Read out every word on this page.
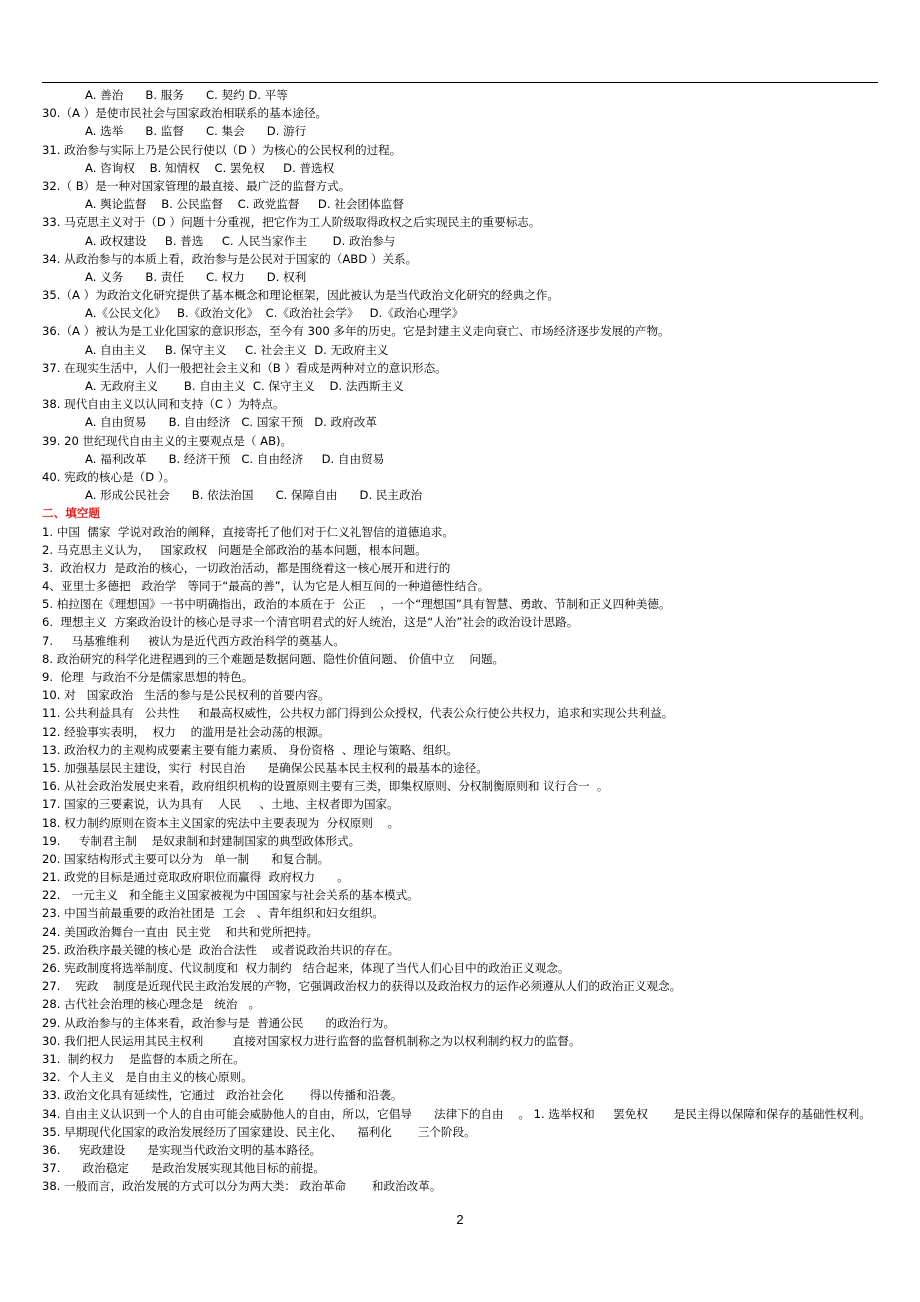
A. 善治      B. 服务      C. 契约 D. 平等
30.（A ）是使市民社会与国家政治相联系的基本途径。
A. 选举      B. 监督      C. 集会      D. 游行
31. 政治参与实际上乃是公民行使以（D ）为核心的公民权利的过程。
A. 咨询权    B. 知情权    C. 罢免权     D. 普选权
32.（ B）是一种对国家管理的最直接、最广泛的监督方式。
A. 舆论监督    B. 公民监督    C. 政党监督     D. 社会团体监督
33. 马克思主义对于（D ）问题十分重视，把它作为工人阶级取得政权之后实现民主的重要标志。
A. 政权建设     B. 普选     C. 人民当家作主       D. 政治参与
34. 从政治参与的本质上看，政治参与是公民对于国家的（ABD ）关系。
A. 义务      B. 责任      C. 权力      D. 权利
35.（A ）为政治文化研究提供了基本概念和理论框架，因此被认为是当代政治文化研究的经典之作。
A.《公民文化》   B.《政治文化》  C.《政治社会学》   D.《政治心理学》
36.（A ）被认为是工业化国家的意识形态，至今有 300 多年的历史。它是封建主义走向衰亡、市场经济逐步发展的产物。
A. 自由主义     B. 保守主义     C. 社会主义  D. 无政府主义
37. 在现实生活中，人们一般把社会主义和（B ）看成是两种对立的意识形态。
A. 无政府主义       B. 自由主义  C. 保守主义    D. 法西斯主义
38. 现代自由主义以认同和支持（C ）为特点。
A. 自由贸易      B. 自由经济   C. 国家干预   D. 政府改革
39. 20 世纪现代自由主义的主要观点是（ AB)。
A. 福利改革      B. 经济干预   C. 自由经济     D. 自由贸易
40. 宪政的核心是（D ）。
A. 形成公民社会      B. 依法治国      C. 保障自由      D. 民主政治
二、填空题
1. 中国  儒家  学说对政治的阐释，直接寄托了他们对于仁义礼智信的道德追求。
2. 马克思主义认为，   国家政权   问题是全部政治的基本问题，根本问题。
3.  政治权力  是政治的核心，一切政治活动，都是围绕着这一核心展开和进行的
4、亚里士多德把   政治学   等同于“最高的善”，认为它是人相互间的一种道德性结合。
5. 柏拉图在《理想国》一书中明确指出，政治的本质在于  公正    ，一个“理想国”具有智慧、勇敢、节制和正义四种美德。
6.  理想主义  方案政治设计的核心是寻求一个清官明君式的好人统治，这是“人治”社会的政治设计思路。
7.     马基雅维利     被认为是近代西方政治科学的奠基人。
8. 政治研究的科学化进程遇到的三个难题是数据问题、隐性价值问题、 价值中立    问题。
9.  伦理  与政治不分是儒家思想的特色。
10. 对   国家政治   生活的参与是公民权利的首要内容。
11. 公共利益具有   公共性     和最高权威性，公共权力部门得到公众授权，代表公众行使公共权力，追求和实现公共利益。
12. 经验事实表明，  权力    的滥用是社会动荡的根源。
13. 政治权力的主观构成要素主要有能力素质、 身份资格  、理论与策略、组织。
15. 加强基层民主建设，实行  村民自治      是确保公民基本民主权利的最基本的途径。
16. 从社会政治发展史来看，政府组织机构的设置原则主要有三类，即集权原则、分权制衡原则和 议行合一  。
17. 国家的三要素说，认为具有    人民     、土地、主权者即为国家。
18. 权力制约原则在资本主义国家的宪法中主要表现为  分权原则    。
19.     专制君主制    是奴隶制和封建制国家的典型政体形式。
20. 国家结构形式主要可以分为   单一制      和复合制。
21. 政党的目标是通过竞取政府职位而赢得  政府权力      。
22.   一元主义   和全能主义国家被视为中国国家与社会关系的基本模式。
23. 中国当前最重要的政治社团是  工会   、青年组织和妇女组织。
24. 美国政治舞台一直由  民主党    和共和党所把持。
25. 政治秩序最关键的核心是  政治合法性    或者说政治共识的存在。
26. 宪政制度将选举制度、代议制度和  权力制约   结合起来，体现了当代人们心目中的政治正义观念。
27.    宪政    制度是近现代民主政治发展的产物，它强调政治权力的获得以及政治权力的运作必须遵从人们的政治正义观念。
28. 古代社会治理的核心理念是   统治   。
29. 从政治参与的主体来看，政治参与是  普通公民      的政治行为。
30. 我们把人民运用其民主权利        直接对国家权力进行监督的监督机制称之为以权利制约权力的监督。
31.  制约权力    是监督的本质之所在。
32.  个人主义   是自由主义的核心原则。
33. 政治文化具有延续性，它通过   政治社会化       得以传播和沿袭。
34. 自由主义认识到一个人的自由可能会威胁他人的自由，所以，它倡导      法律下的自由    。 1. 选举权和     罢免权       是民主得以保障和保存的基础性权利。
35. 早期现代化国家的政治发展经历了国家建设、民主化、    福利化       三个阶段。
36.     宪政建设      是实现当代政治文明的基本路径。
37.      政治稳定      是政治发展实现其他目标的前提。
38. 一般而言，政治发展的方式可以分为两大类： 政治革命       和政治改革。
2
